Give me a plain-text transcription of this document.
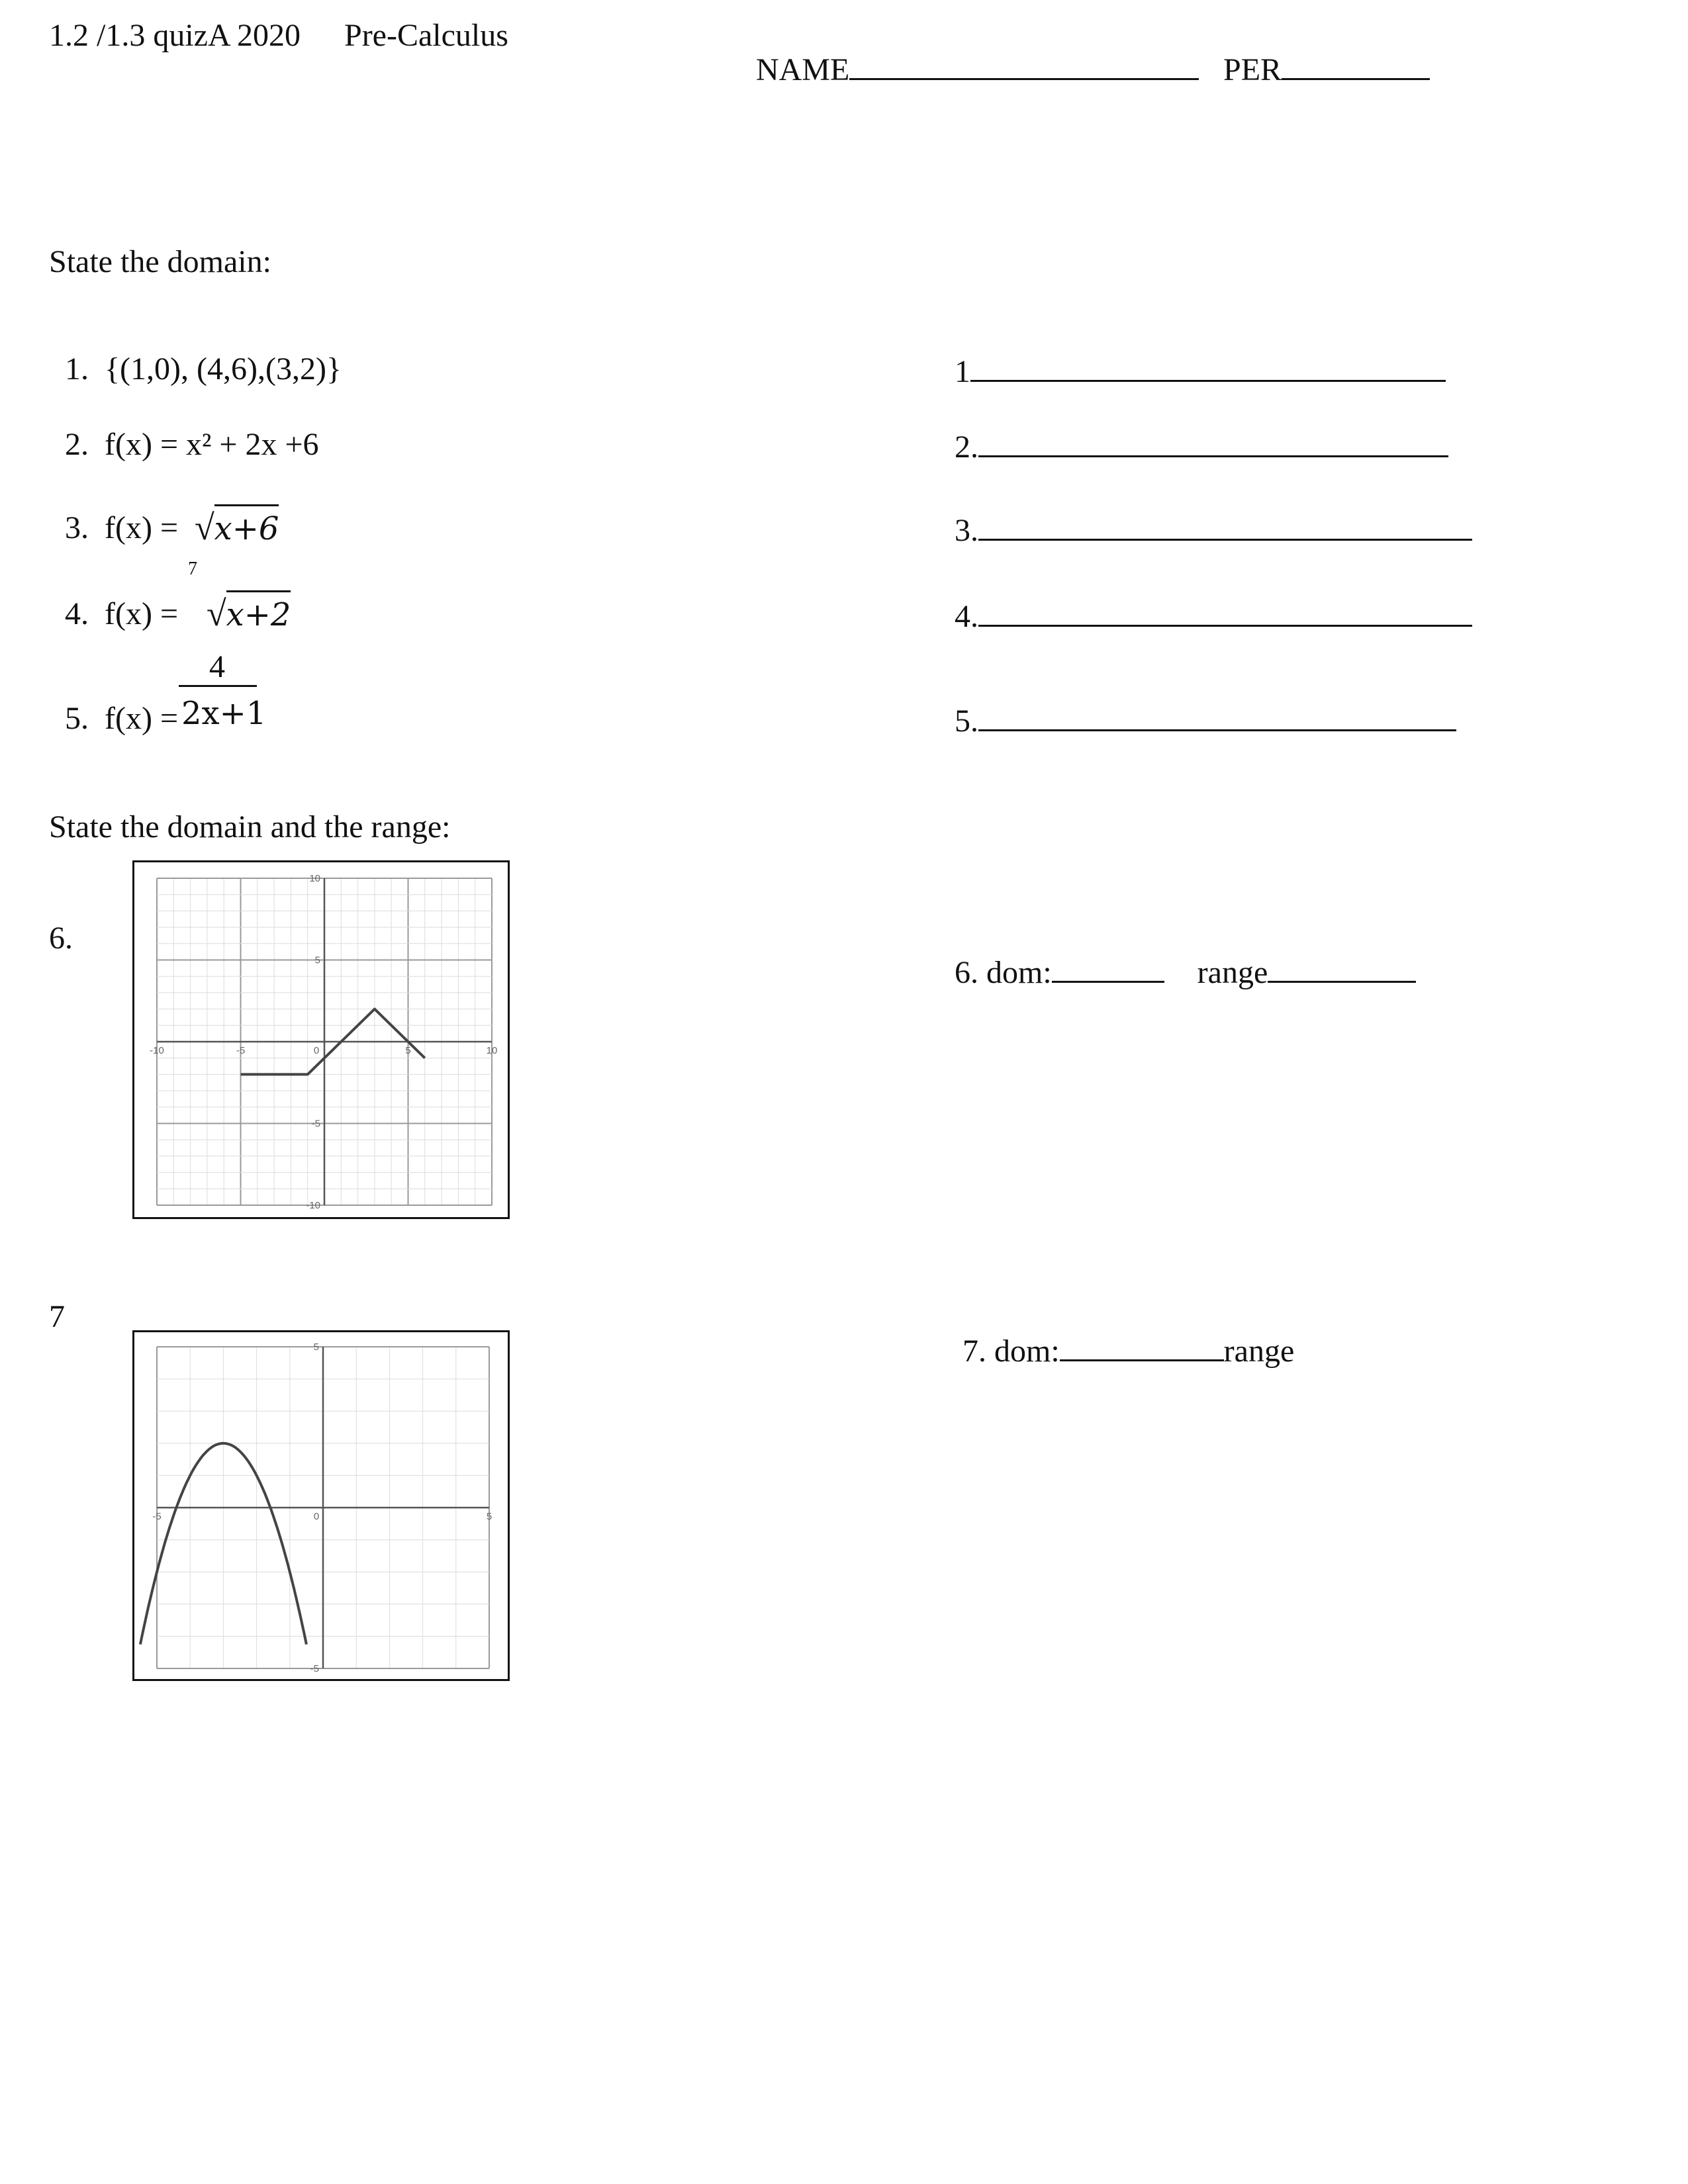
1.2 /1.3 quizA 2020 Pre-Calculus

NAME	PER

State the domain:

1. {(1,0), (4,6),(3,2)}	1

2. f(x) = x² + 2x +6	2.

3. f(x) = √x+6	3.

4. f(x) =

7

√x+2	4.

5. f(x) =

4
2x+1	5.

State the domain and the range:
6.
-10	-5	0	5	10
10
5
-5
-10

6. dom:	range

7
-5	0	5
5
-5

7. dom:	range
